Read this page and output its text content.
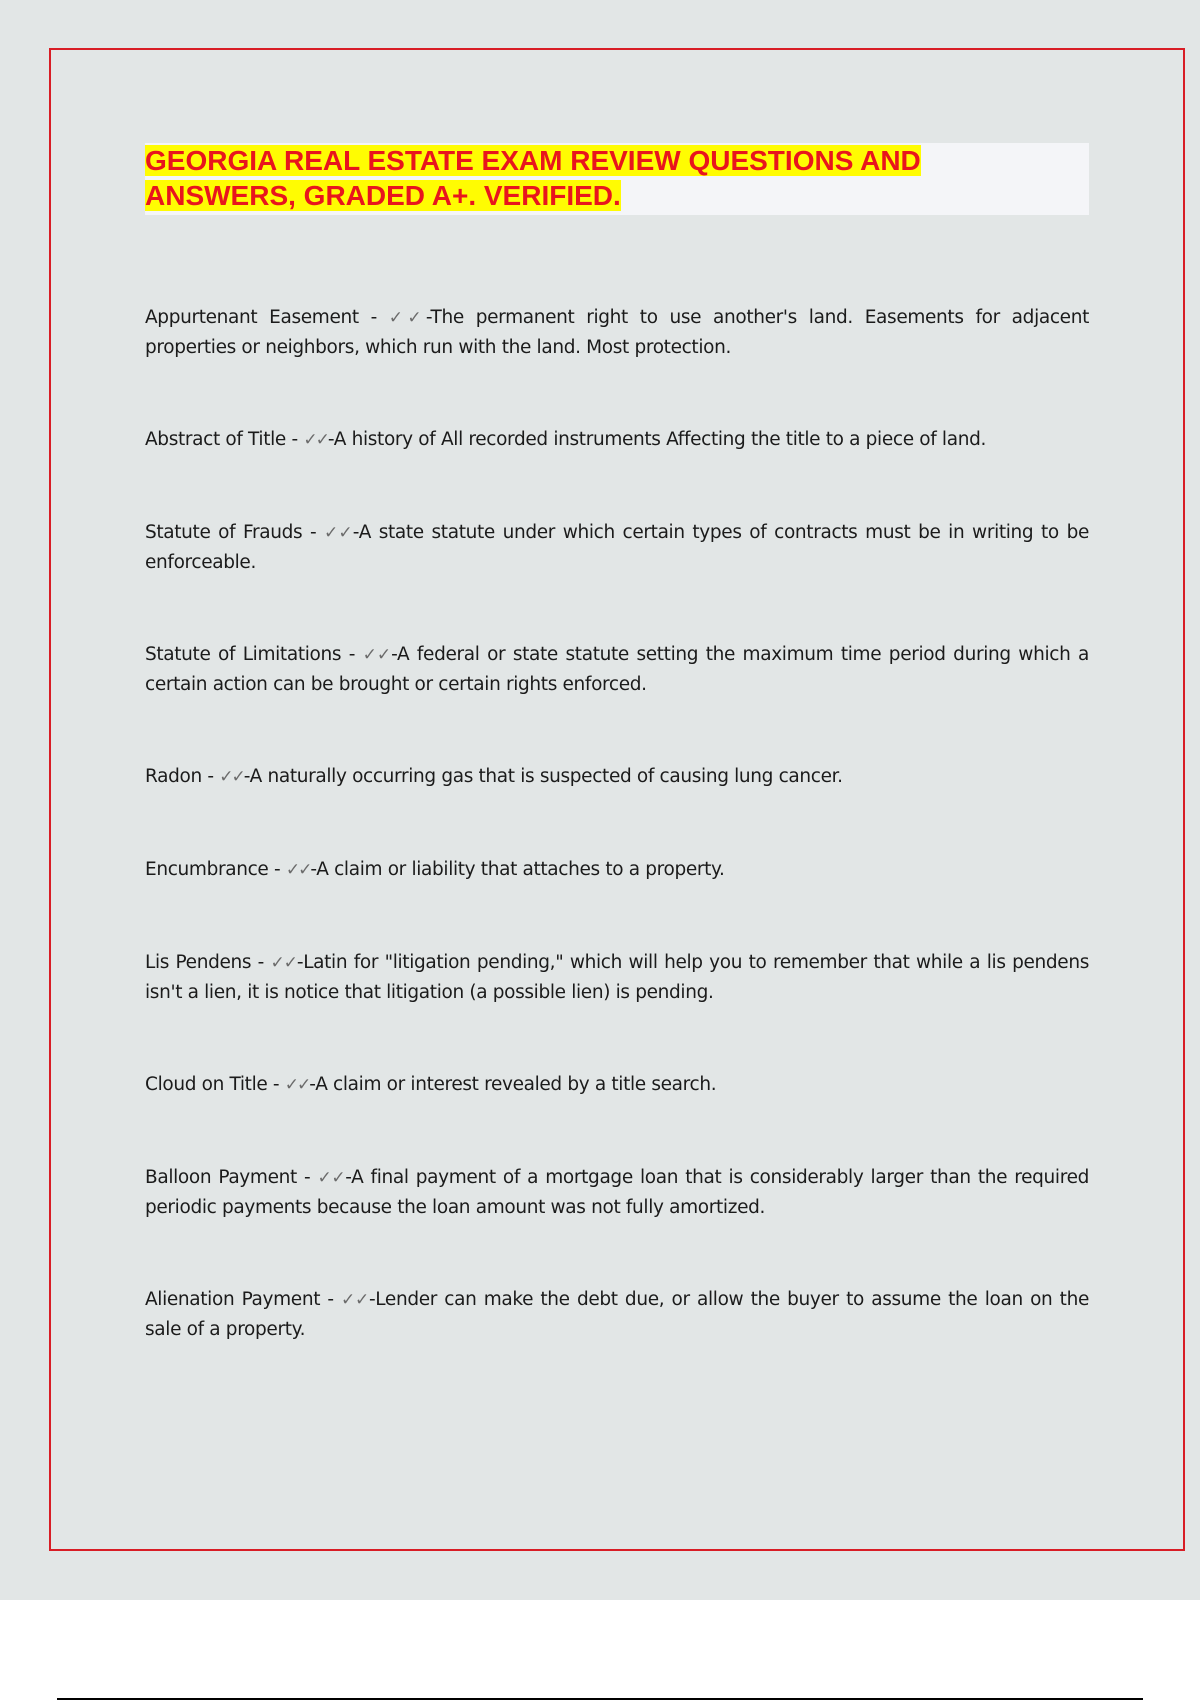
GEORGIA REAL ESTATE EXAM REVIEW QUESTIONS AND
ANSWERS, GRADED A+. VERIFIED.

Appurtenant Easement - ✓✓-The permanent right to use another's land. Easements for adjacent properties or neighbors, which run with the land. Most protection.

Abstract of Title - ✓✓-A history of All recorded instruments Affecting the title to a piece of land.

Statute of Frauds - ✓✓-A state statute under which certain types of contracts must be in writing to be enforceable.

Statute of Limitations - ✓✓-A federal or state statute setting the maximum time period during which a certain action can be brought or certain rights enforced.

Radon - ✓✓-A naturally occurring gas that is suspected of causing lung cancer.

Encumbrance - ✓✓-A claim or liability that attaches to a property.

Lis Pendens - ✓✓-Latin for "litigation pending," which will help you to remember that while a lis pendens isn't a lien, it is notice that litigation (a possible lien) is pending.

Cloud on Title - ✓✓-A claim or interest revealed by a title search.

Balloon Payment - ✓✓-A final payment of a mortgage loan that is considerably larger than the required periodic payments because the loan amount was not fully amortized.

Alienation Payment - ✓✓-Lender can make the debt due, or allow the buyer to assume the loan on the sale of a property.
